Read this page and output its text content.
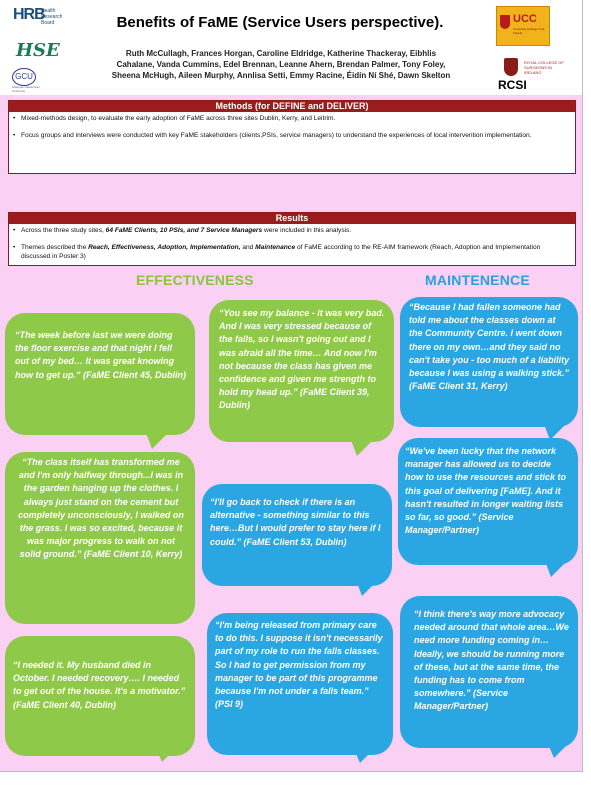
HRB
Health Research Board
HSE
GCU
Glasgow Caledonian University
Benefits of FaME (Service Users perspective).
Ruth McCullagh, Frances Horgan, Caroline Eldridge, Katherine Thackeray, Eibhlis
Cahalane, Vanda Cummins, Edel Brennan, Leanne Ahern, Brendan Palmer, Tony Foley,
Sheena McHugh, Aileen Murphy, Annlisa Setti, Emmy Racine, Éidín Ní Shé, Dawn Skelton
UCC
University College Cork, Ireland
ROYAL COLLEGE OF SURGEONS IN IRELAND
RCSI
Methods (for DEFINE and DELIVER)
• Mixed-methods design, to evaluate the early adoption of FaME across three sites Dublin, Kerry, and Leitrim.
• Focus groups and interviews were conducted with key FaME stakeholders (clients,PSIs, service managers) to understand the experiences of local intervention implementation.
Results
• Across the three study sites, 64 FaME Clients, 10 PSIs, and 7 Service Managers were included in this analysis.
• Themes described the Reach, Effectiveness, Adoption, Implementation, and Maintenance of FaME according to the RE-AIM framework (Reach, Adoption and Implementation discussed in Poster 3)
EFFECTIVENESS	MAINTENENCE
“The week before last we were doing the floor exercise and that night I fell out of my bed… It was great knowing how to get up.” (FaME Client 45, Dublin)
“You see my balance - it was very bad. And I was very stressed because of the falls, so I wasn't going out and I was afraid all the time… And now I'm not because the class has given me confidence and given me strength to hold my head up.” (FaME Client 39, Dublin)
“The class itself has transformed me and I'm only halfway through...I was in the garden hanging up the clothes. I always just stand on the cement but completely unconsciously, I walked on the grass. I was so excited, because it was major progress to walk on not solid ground.” (FaME Client 10, Kerry)
“I needed it. My husband died in October. I needed recovery…. I needed to get out of the house. It's a motivator.” (FaME Client 40, Dublin)
“I'll go back to check if there is an alternative - something similar to this here…But I would prefer to stay here if I could.” (FaME Client 53, Dublin)
“I'm being released from primary care to do this. I suppose it isn't necessarily part of my role to run the falls classes. So I had to get permission from my manager to be part of this programme because I'm not under a falls team.” (PSI 9)
“Because I had fallen someone had told me about the classes down at the Community Centre. I went down there on my own…and they said no can't take you - too much of a liability because I was using a walking stick.” (FaME Client 31, Kerry)
“We've been lucky that the network manager has allowed us to decide how to use the resources and stick to this goal of delivering [FaME]. And it hasn't resulted in longer waiting lists so far, so good.” (Service Manager/Partner)
“I think there's way more advocacy needed around that whole area…We need more funding coming in…Ideally, we should be running more of these, but at the same time, the funding has to come from somewhere.” (Service Manager/Partner)
